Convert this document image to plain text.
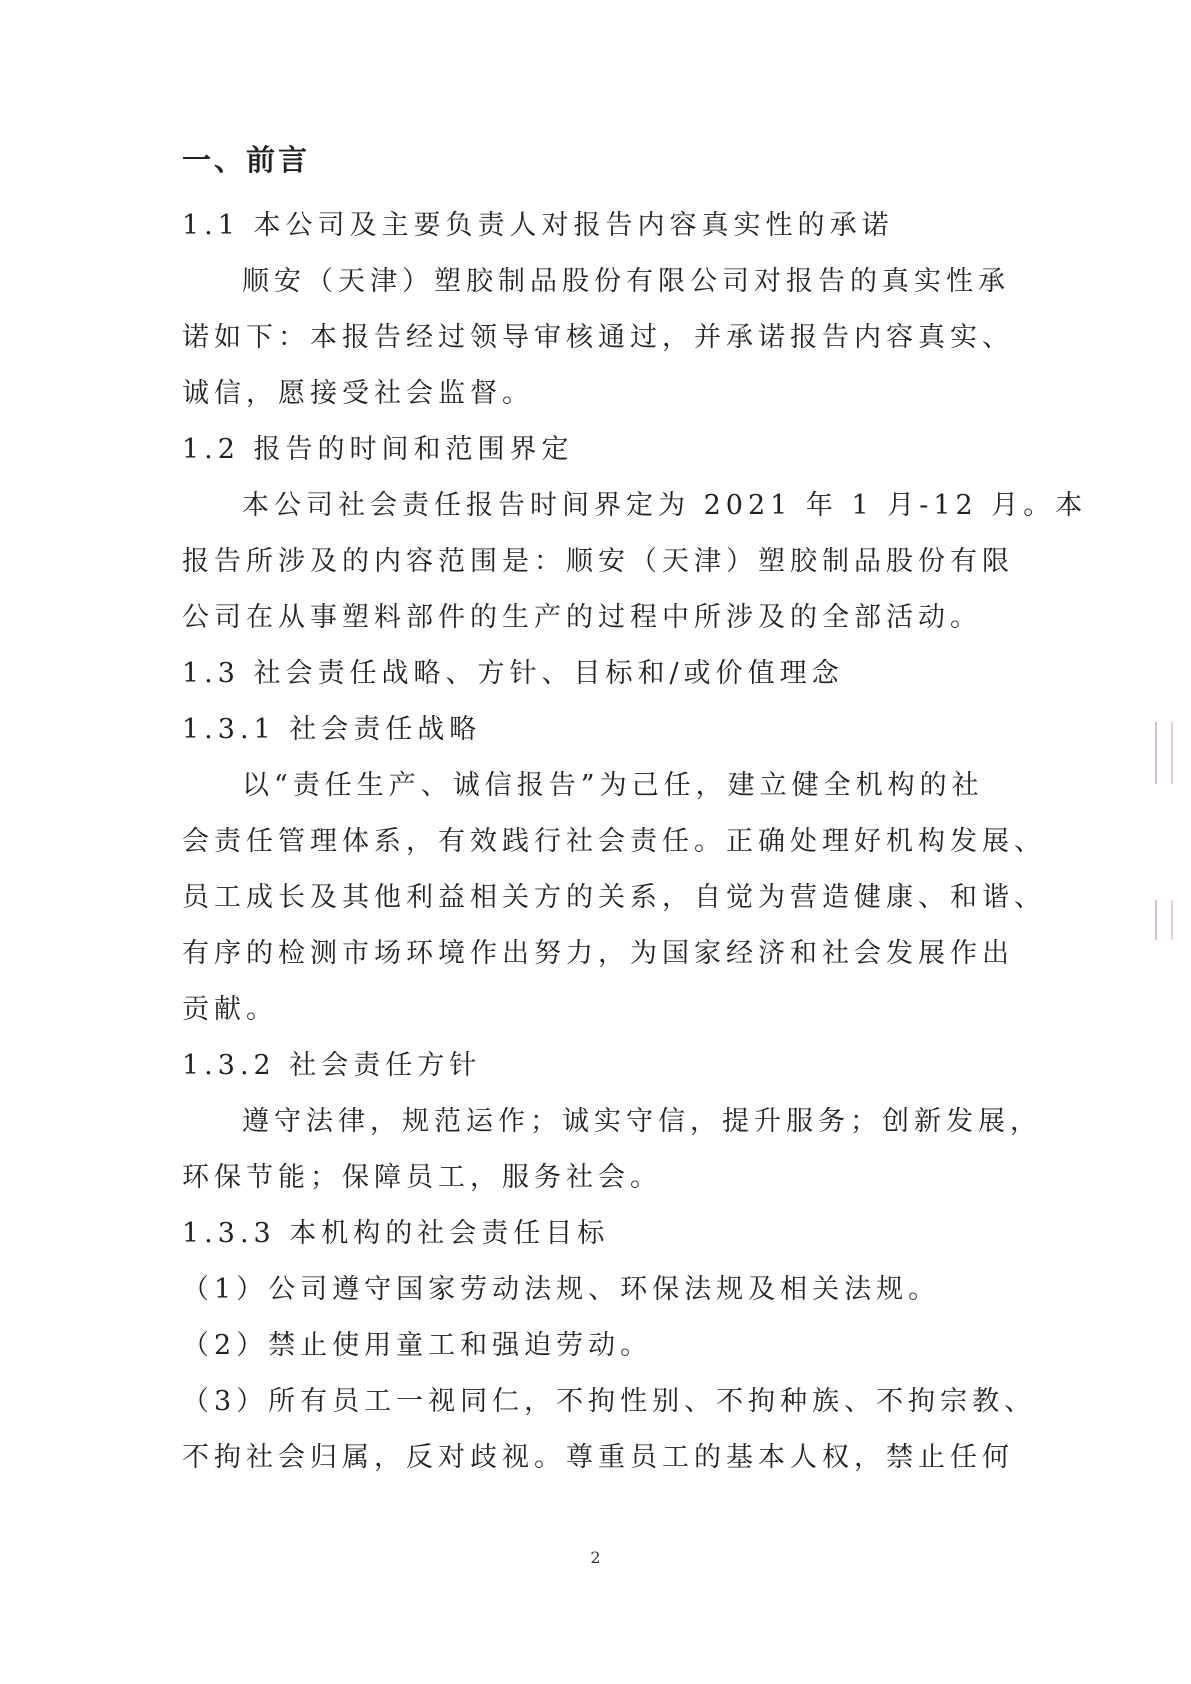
一、前言
1.1 本公司及主要负责人对报告内容真实性的承诺
顺安（天津）塑胶制品股份有限公司对报告的真实性承
诺如下：本报告经过领导审核通过，并承诺报告内容真实、
诚信，愿接受社会监督。
1.2 报告的时间和范围界定
本公司社会责任报告时间界定为 2021 年 1 月-12 月。本
报告所涉及的内容范围是：顺安（天津）塑胶制品股份有限
公司在从事塑料部件的生产的过程中所涉及的全部活动。
1.3 社会责任战略、方针、目标和/或价值理念
1.3.1 社会责任战略
以“责任生产、诚信报告”为己任，建立健全机构的社
会责任管理体系，有效践行社会责任。正确处理好机构发展、
员工成长及其他利益相关方的关系，自觉为营造健康、和谐、
有序的检测市场环境作出努力，为国家经济和社会发展作出
贡献。
1.3.2 社会责任方针
遵守法律，规范运作；诚实守信，提升服务；创新发展，
环保节能；保障员工，服务社会。
1.3.3 本机构的社会责任目标
（1）公司遵守国家劳动法规、环保法规及相关法规。
（2）禁止使用童工和强迫劳动。
（3）所有员工一视同仁，不拘性别、不拘种族、不拘宗教、
不拘社会归属，反对歧视。尊重员工的基本人权，禁止任何
2
